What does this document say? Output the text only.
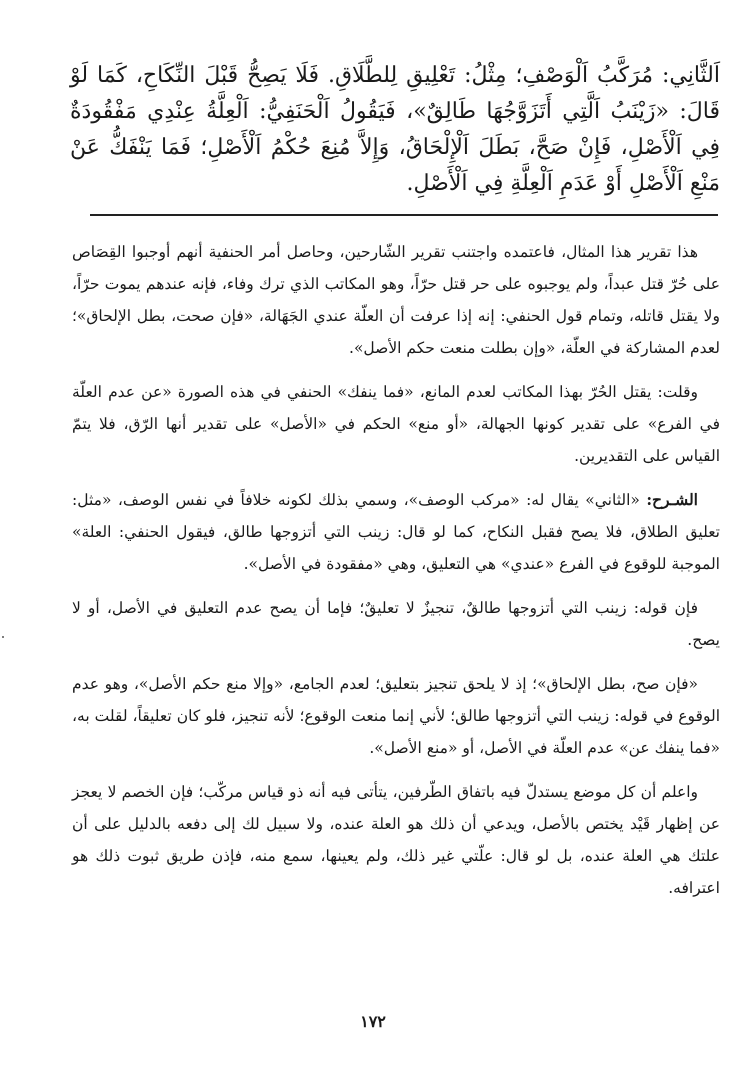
اَلثَّانِي: مُرَكَّبُ اَلْوَصْفِ؛ مِثْلُ: تَعْلِيقِ لِلطَّلَاقِ. فَلَا يَصِحُّ قَبْلَ النِّكَاحِ، كَمَا لَوْ قَالَ: «زَيْنَبُ اَلَّتِي أَتَزَوَّجُهَا طَالِقٌ»، فَيَقُولُ اَلْحَنَفِيُّ: اَلْعِلَّةُ عِنْدِي مَفْقُودَةٌ فِي اَلْأَصْلِ، فَإِنْ صَحَّ، بَطَلَ اَلْإِلْحَاقُ، وَإِلاَّ مُنِعَ حُكْمُ اَلْأَصْلِ؛ فَمَا يَنْفَكُّ عَنْ مَنْعِ اَلْأَصْلِ أَوْ عَدَمِ اَلْعِلَّةِ فِي اَلْأَصْلِ.

هذا تقرير هذا المثال، فاعتمده واجتنب تقرير الشّارحين، وحاصل أمر الحنفية أنهم أوجبوا القِصَاص على حُرّ قتل عبداً، ولم يوجبوه على حر قتل حرّاً، وهو المكاتب الذي ترك وفاء، فإنه عندهم يموت حرّاً، ولا يقتل قاتله، وتمام قول الحنفي: إنه إذا عرفت أن العلّة عندي الجَهَالة، «فإن صحت، بطل الإلحاق»؛ لعدم المشاركة في العلّة، «وإن بطلت منعت حكم الأصل».

وقلت: يقتل الحُرّ بهذا المكاتب لعدم المانع، «فما ينفك» الحنفي في هذه الصورة «عن عدم العلّة في الفرع» على تقدير كونها الجهالة، «أو منع» الحكم في «الأصل» على تقدير أنها الرّق، فلا يتمّ القياس على التقديرين.

الشـرح: «الثاني» يقال له: «مركب الوصف»، وسمي بذلك لكونه خلافاً في نفس الوصف، «مثل: تعليق الطلاق، فلا يصح فقبل النكاح، كما لو قال: زينب التي أتزوجها طالق، فيقول الحنفي: العلة» الموجبة للوقوع في الفرع «عندي» هي التعليق، وهي «مفقودة في الأصل».

فإن قوله: زينب التي أتزوجها طالقٌ، تنجيزٌ لا تعليقٌ؛ فإما أن يصح عدم التعليق في الأصل، أو لا يصح.

«فإن صح، بطل الإلحاق»؛ إذ لا يلحق تنجيز بتعليق؛ لعدم الجامع، «وإلا منع حكم الأصل»، وهو عدم الوقوع في قوله: زينب التي أتزوجها طالق؛ لأني إنما منعت الوقوع؛ لأنه تنجيز، فلو كان تعليقاً، لقلت به، «فما ينفك عن» عدم العلّة في الأصل، أو «منع الأصل».

واعلم أن كل موضع يستدلّ فيه باتفاق الطّرفين، يتأتى فيه أنه ذو قياس مركّب؛ فإن الخصم لا يعجز عن إظهار قَيْد يختص بالأصل، ويدعي أن ذلك هو العلة عنده، ولا سبيل لك إلى دفعه بالدليل على أن علتك هي العلة عنده، بل لو قال: علّتي غير ذلك، ولم يعينها، سمع منه، فإذن طريق ثبوت ذلك هو اعترافه.

١٧٢
